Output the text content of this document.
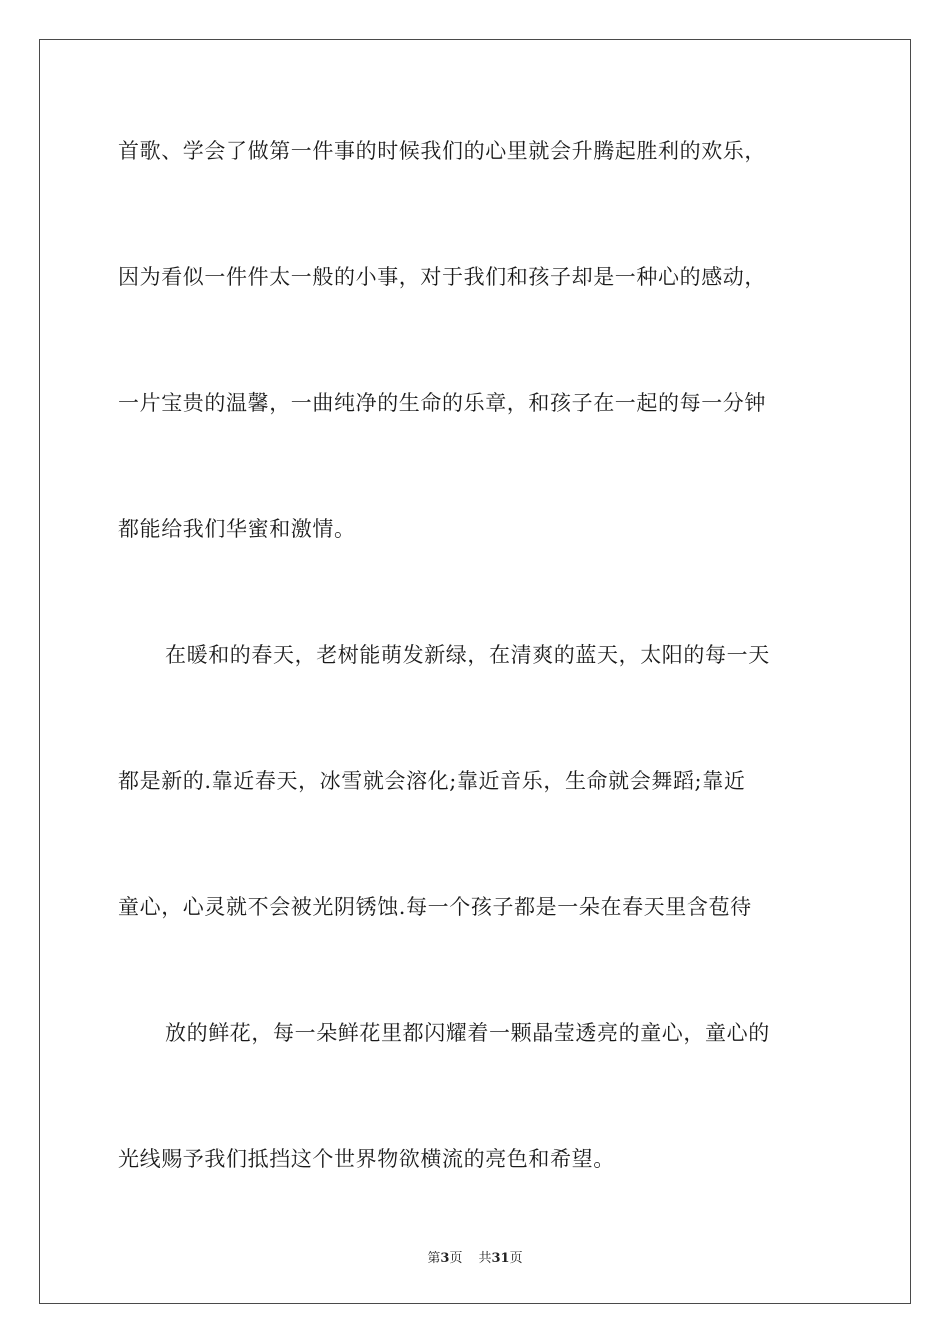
首歌、学会了做第一件事的时候我们的心里就会升腾起胜利的欢乐，
因为看似一件件太一般的小事，对于我们和孩子却是一种心的感动，
一片宝贵的温馨，一曲纯净的生命的乐章，和孩子在一起的每一分钟
都能给我们华蜜和激情。
在暖和的春天，老树能萌发新绿，在清爽的蓝天，太阳的每一天
都是新的.靠近春天，冰雪就会溶化;靠近音乐，生命就会舞蹈;靠近
童心，心灵就不会被光阴锈蚀.每一个孩子都是一朵在春天里含苞待
放的鲜花，每一朵鲜花里都闪耀着一颗晶莹透亮的童心，童心的
光线赐予我们抵挡这个世界物欲横流的亮色和希望。
第3页 共31页
